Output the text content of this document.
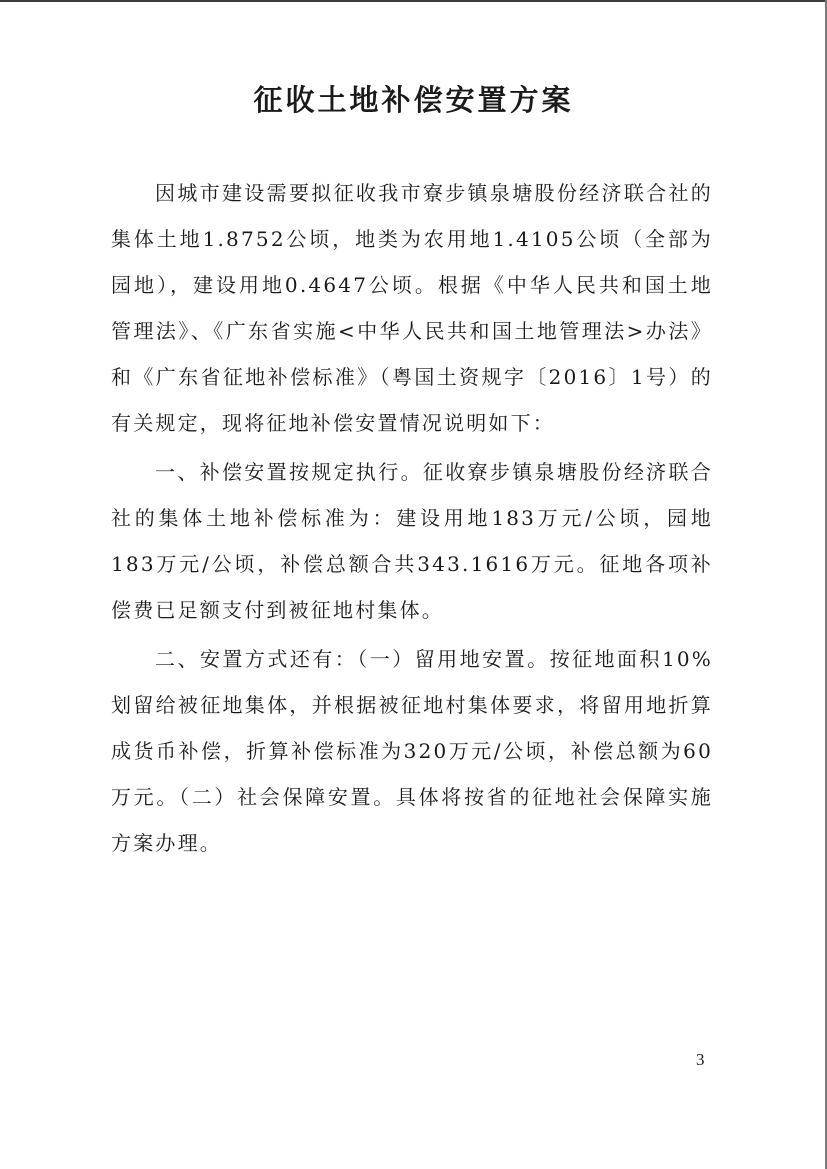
征收土地补偿安置方案

因城市建设需要拟征收我市寮步镇泉塘股份经济联合社的集体土地1.8752公顷，地类为农用地1.4105公顷（全部为园地），建设用地0.4647公顷。根据《中华人民共和国土地管理法》、《广东省实施<中华人民共和国土地管理法>办法》和《广东省征地补偿标准》（粤国土资规字〔2016〕1号）的有关规定，现将征地补偿安置情况说明如下：

一、补偿安置按规定执行。征收寮步镇泉塘股份经济联合社的集体土地补偿标准为：建设用地183万元/公顷，园地183万元/公顷，补偿总额合共343.1616万元。征地各项补偿费已足额支付到被征地村集体。

二、安置方式还有：（一）留用地安置。按征地面积10%划留给被征地集体，并根据被征地村集体要求，将留用地折算成货币补偿，折算补偿标准为320万元/公顷，补偿总额为60万元。（二）社会保障安置。具体将按省的征地社会保障实施方案办理。

3
